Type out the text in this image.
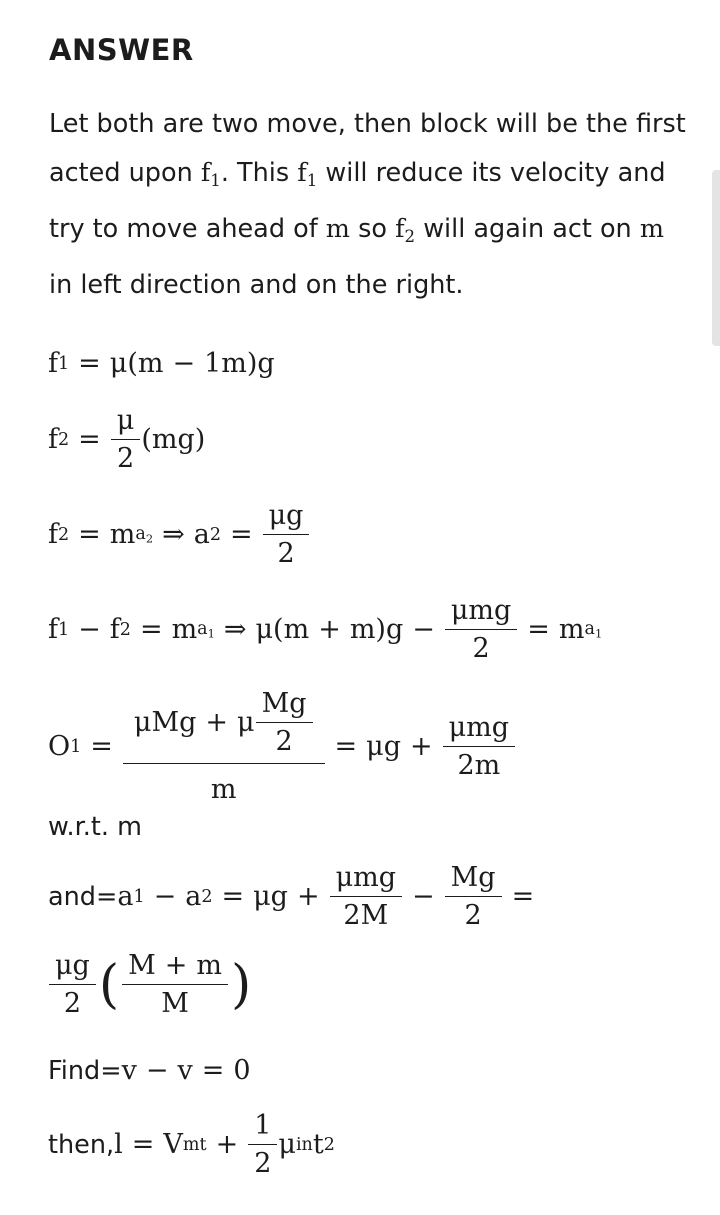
ANSWER

Let both are two move, then block will be the first acted upon $f_1$. This $f_1$ will reduce its velocity and try to move ahead of m so $f_2$ will again act on m in left direction and on the right.

f 1 = μ(m − 1m)g
f $2 = \frac{\mu}{2} (mg)$
f 2 = m $a_2$ ⇒ a $2 = \frac{\mu g}{2}$
f 1 − f 2 = m $a_1$ ⇒ $\mu(m + m)g - \frac{\text{μmg}}{2} = m$ $a_1$
O $1 = \frac{\mu Mg + \mu \frac{Mg}{2}}{m} = \mu g + \frac{\text{μmg}}{2m}$
w.r.t. m
and= a 1 − a $2 = \mu g + \frac{\text{μmg}}{2M} - \frac{Mg}{2}$ =
$\frac{\mu g}{2}$ ( $\frac{M + m}{M}$ )
Find= v − v = 0
then, l = V mt + $\frac{1}{2}$ μ in t 2
